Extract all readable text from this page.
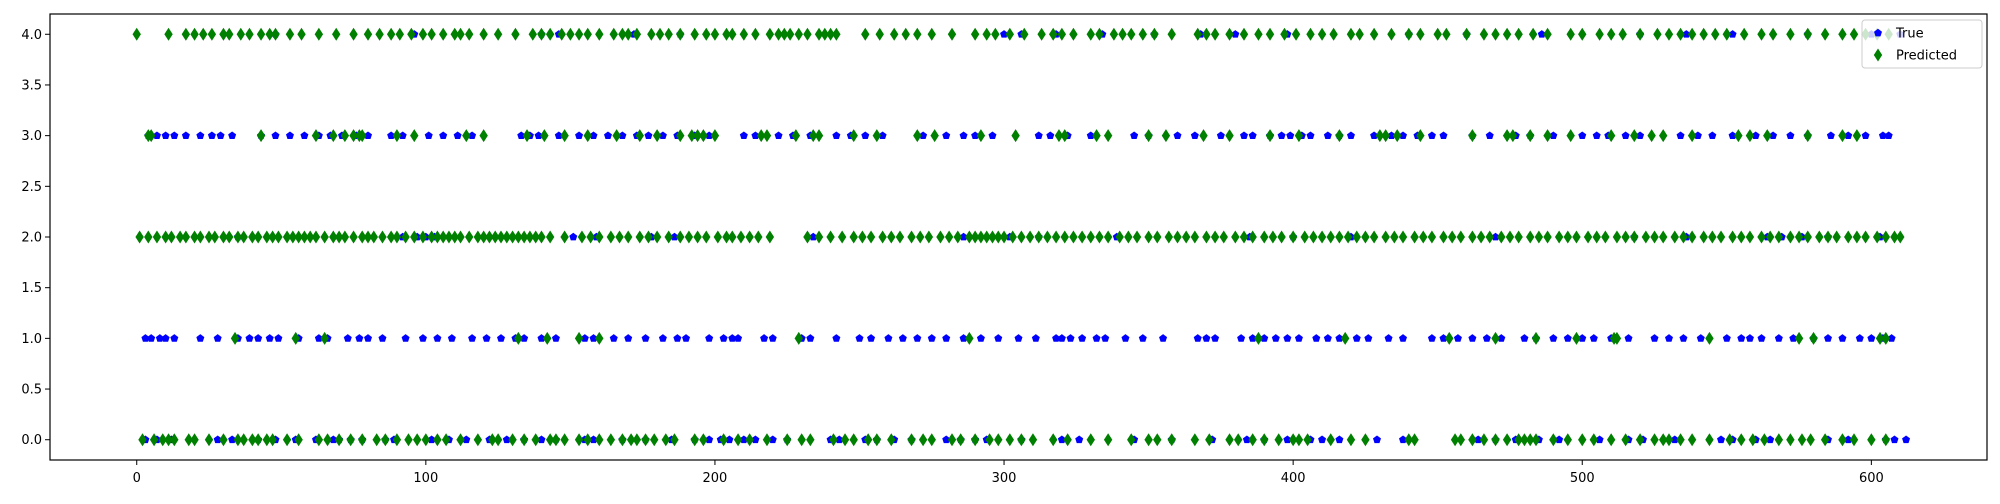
0	100	200	300	400	500	600
0.0
0.5
1.0
1.5
2.0
2.5
3.0
3.5
4.0	True
Predicted
